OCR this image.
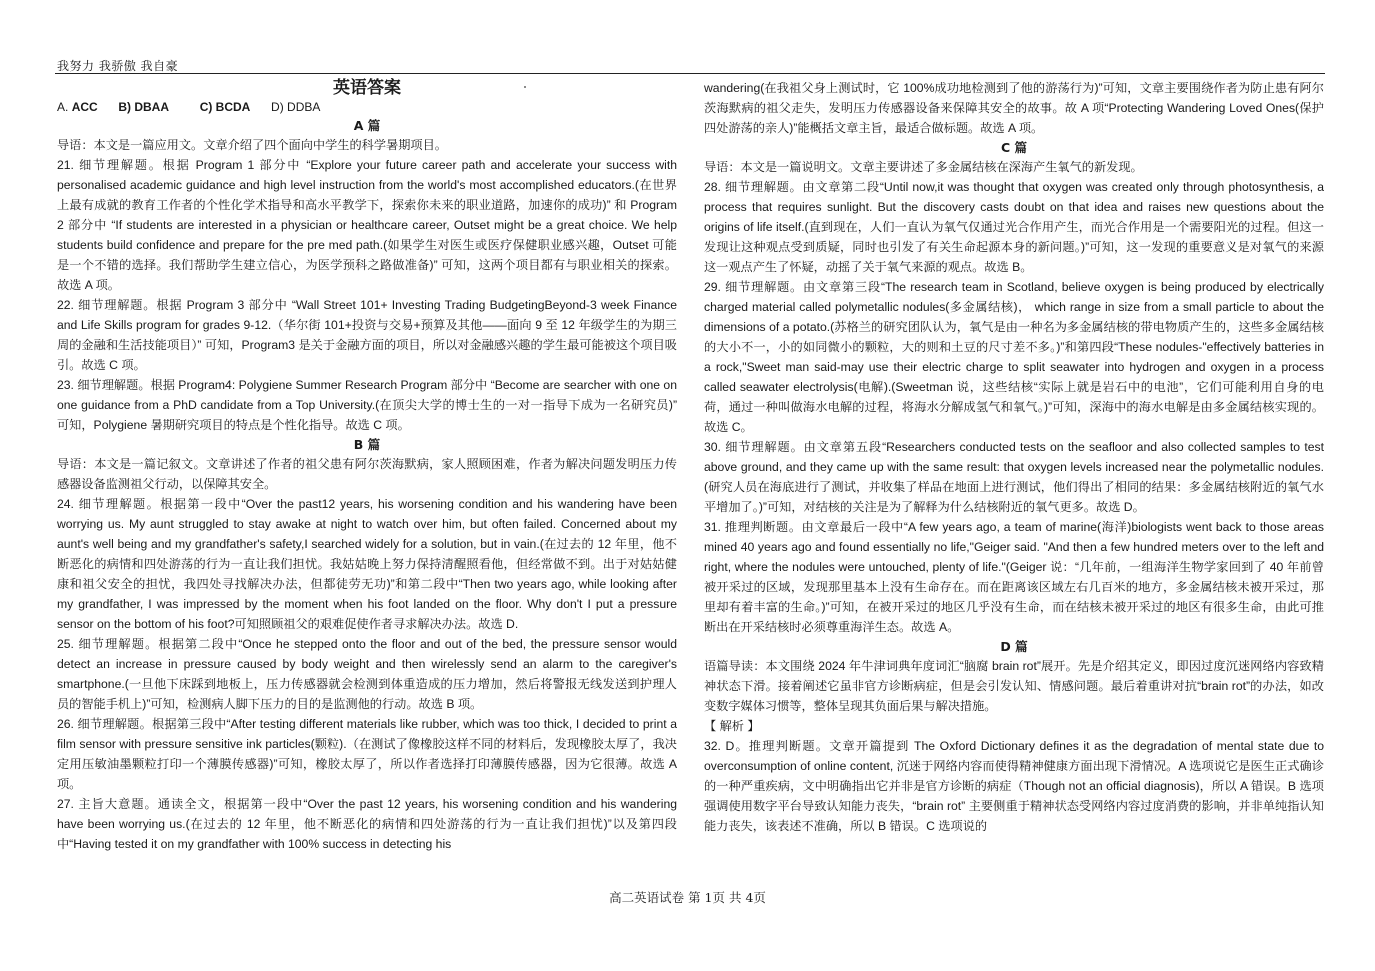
我努力 我骄傲 我自豪

英语答案

A. ACC B) DBAA	C) BCDA D) DDBA

A 篇

导语：本文是一篇应用文。文章介绍了四个面向中学生的科学暑期项目。

21. 细节理解题。根据 Program 1 部分中 “Explore your future career path and accelerate your success with personalised academic guidance and high level instruction from the world's most accomplished educators.(在世界上最有成就的教育工作者的个性化学术指导和高水平教学下，探索你未来的职业道路，加速你的成功)” 和 Program 2 部分中 “If students are interested in a physician or healthcare career, Outset might be a great choice. We help students build confidence and prepare for the pre med path.(如果学生对医生或医疗保健职业感兴趣，Outset 可能是一个不错的选择。我们帮助学生建立信心，为医学预科之路做准备)” 可知，这两个项目都有与职业相关的探索。故选 A 项。

22. 细节理解题。根据 Program 3 部分中 “Wall Street 101+ Investing Trading BudgetingBeyond-3 week Finance and Life Skills program for grades 9-12.（华尔街 101+投资与交易+预算及其他——面向 9 至 12 年级学生的为期三周的金融和生活技能项目）” 可知，Program3 是关于金融方面的项目，所以对金融感兴趣的学生最可能被这个项目吸引。故选 C 项。

23. 细节理解题。根据 Program4: Polygiene Summer Research Program 部分中 “Become are searcher with one on one guidance from a PhD candidate from a Top University.(在顶尖大学的博士生的一对一指导下成为一名研究员)” 可知，Polygiene 暑期研究项目的特点是个性化指导。故选 C 项。

B 篇

导语：本文是一篇记叙文。文章讲述了作者的祖父患有阿尔茨海默病，家人照顾困难，作者为解决问题发明压力传感器设备监测祖父行动，以保障其安全。

24. 细节理解题。根据第一段中“Over the past12 years, his worsening condition and his wandering have been worrying us. My aunt struggled to stay awake at night to watch over him, but often failed. Concerned about my aunt's well being and my grandfather's safety,I searched widely for a solution, but in vain.(在过去的 12 年里，他不断恶化的病情和四处游荡的行为一直让我们担忧。我姑姑晚上努力保持清醒照看他，但经常做不到。出于对姑姑健康和祖父安全的担忧，我四处寻找解决办法，但都徒劳无功)”和第二段中“Then two years ago, while looking after my grandfather, I was impressed by the moment when his foot landed on the floor. Why don't I put a pressure sensor on the bottom of his foot?可知照顾祖父的艰难促使作者寻求解决办法。故选 D.

25. 细节理解题。根据第二段中“Once he stepped onto the floor and out of the bed, the pressure sensor would detect an increase in pressure caused by body weight and then wirelessly send an alarm to the caregiver's smartphone.(一旦他下床踩到地板上，压力传感器就会检测到体重造成的压力增加，然后将警报无线发送到护理人员的智能手机上)”可知，检测病人脚下压力的目的是监测他的行动。故选 B 项。

26. 细节理解题。根据第三段中“After testing different materials like rubber, which was too thick, I decided to print a film sensor with pressure sensitive ink particles(颗粒).（在测试了像橡胶这样不同的材料后，发现橡胶太厚了，我决定用压敏油墨颗粒打印一个薄膜传感器)”可知，橡胶太厚了，所以作者选择打印薄膜传感器，因为它很薄。故选 A 项。

27. 主旨大意题。通读全文，根据第一段中“Over the past 12 years, his worsening condition and his wandering have been worrying us.(在过去的 12 年里，他不断恶化的病情和四处游荡的行为一直让我们担忧)”以及第四段中“Having tested it on my grandfather with 100% success in detecting his

wandering(在我祖父身上测试时，它 100%成功地检测到了他的游荡行为)”可知，文章主要围绕作者为防止患有阿尔茨海默病的祖父走失，发明压力传感器设备来保障其安全的故事。故 A 项“Protecting Wandering Loved Ones(保护四处游荡的亲人)”能概括文章主旨，最适合做标题。故选 A 项。

C 篇

导语：本文是一篇说明文。文章主要讲述了多金属结核在深海产生氧气的新发现。

28. 细节理解题。由文章第二段“Until now,it was thought that oxygen was created only through photosynthesis, a process that requires sunlight. But the discovery casts doubt on that idea and raises new questions about the origins of life itself.(直到现在，人们一直认为氧气仅通过光合作用产生，而光合作用是一个需要阳光的过程。但这一发现让这种观点受到质疑，同时也引发了有关生命起源本身的新问题。)”可知，这一发现的重要意义是对氧气的来源这一观点产生了怀疑，动摇了关于氧气来源的观点。故选 B。

29. 细节理解题。由文章第三段“The research team in Scotland, believe oxygen is being produced by electrically charged material called polymetallic nodules(多金属结核)， which range in size from a small particle to about the dimensions of a potato.(苏格兰的研究团队认为，氧气是由一种名为多金属结核的带电物质产生的，这些多金属结核的大小不一，小的如同微小的颗粒，大的则和土豆的尺寸差不多。)”和第四段“These nodules-"effectively batteries in a rock,"Sweet man said-may use their electric charge to split seawater into hydrogen and oxygen in a process called seawater electrolysis(电解).(Sweetman 说，这些结核“实际上就是岩石中的电池”，它们可能利用自身的电荷，通过一种叫做海水电解的过程，将海水分解成氢气和氧气。)”可知，深海中的海水电解是由多金属结核实现的。故选 C。

30. 细节理解题。由文章第五段“Researchers conducted tests on the seafloor and also collected samples to test above ground, and they came up with the same result: that oxygen levels increased near the polymetallic nodules.(研究人员在海底进行了测试，并收集了样品在地面上进行测试，他们得出了相同的结果：多金属结核附近的氧气水平增加了。)”可知，对结核的关注是为了解释为什么结核附近的氧气更多。故选 D。

31. 推理判断题。由文章最后一段中“A few years ago, a team of marine(海洋)biologists went back to those areas mined 40 years ago and found essentially no life,"Geiger said. "And then a few hundred meters over to the left and right, where the nodules were untouched, plenty of life."(Geiger 说：“几年前，一组海洋生物学家回到了 40 年前曾被开采过的区域，发现那里基本上没有生命存在。而在距离该区域左右几百米的地方，多金属结核未被开采过，那里却有着丰富的生命。)”可知，在被开采过的地区几乎没有生命，而在结核未被开采过的地区有很多生命，由此可推断出在开采结核时必须尊重海洋生态。故选 A。

D 篇

语篇导读：本文围绕 2024 年牛津词典年度词汇“脑腐 brain rot”展开。先是介绍其定义，即因过度沉迷网络内容致精神状态下滑。接着阐述它虽非官方诊断病症，但是会引发认知、情感问题。最后着重讲对抗“brain rot”的办法，如改变数字媒体习惯等，整体呈现其负面后果与解决措施。

【 解析 】

32. D。推理判断题。文章开篇提到 The Oxford Dictionary defines it as the degradation of mental state due to overconsumption of online content, 沉迷于网络内容而使得精神健康方面出现下滑情况。A 选项说它是医生正式确诊的一种严重疾病，文中明确指出它并非是官方诊断的病症（Though not an official diagnosis)，所以 A 错误。B 选项强调使用数字平台导致认知能力丧失，“brain rot” 主要侧重于精神状态受网络内容过度消费的影响，并非单纯指认知能力丧失，该表述不准确，所以 B 错误。C 选项说的

高二英语试卷 第 1页 共 4页
